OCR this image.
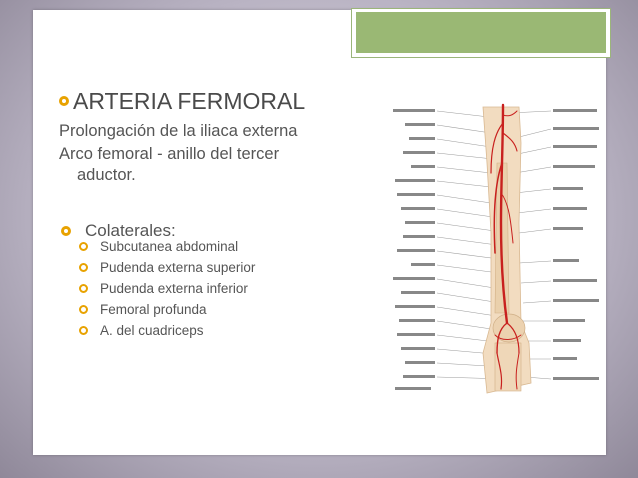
ARTERIA FERMORAL
Prolongación de la iliaca externa
Arco femoral - anillo del tercer
aductor.
Colaterales:
Subcutanea abdominal
Pudenda externa superior
Pudenda externa inferior
Femoral profunda
A. del cuadriceps
